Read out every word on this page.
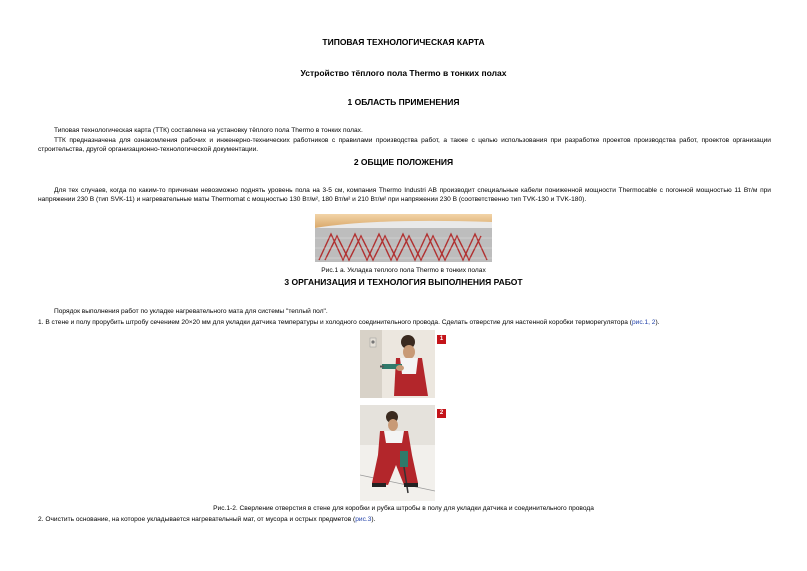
ТИПОВАЯ ТЕХНОЛОГИЧЕСКАЯ КАРТА
Устройство тёплого пола Thermo в тонких полах
1 ОБЛАСТЬ ПРИМЕНЕНИЯ
Типовая технологическая карта (ТТК) составлена на установку тёплого пола Thermo в тонких полах.
ТТК предназначена для ознакомления рабочих и инженерно-технических работников с правилами производства работ, а также с целью использования при разработке проектов производства работ, проектов организации строительства, другой организационно-технологической документации.
2 ОБЩИЕ ПОЛОЖЕНИЯ
Для тех случаев, когда по каким-то причинам невозможно поднять уровень пола на 3-5 см, компания Thermo Industri AB производит специальные кабели пониженной мощности Thermocable с погонной мощностью 11 Вт/м при напряжении 230 В (тип SVK-11) и нагревательные маты Thermomat с мощностью 130 Вт/м², 180 Вт/м² и 210 Вт/м² при напряжении 230 В (соответственно тип TVK-130 и TVK-180).
Рис.1 а. Укладка теплого пола Thermo в тонких полах
3 ОРГАНИЗАЦИЯ И ТЕХНОЛОГИЯ ВЫПОЛНЕНИЯ РАБОТ
Порядок выполнения работ по укладке нагревательного мата для системы "теплый пол".
1. В стене и полу прорубить штробу сечением 20×20 мм для укладки датчика температуры и холодного соединительного провода. Сделать отверстие для настенной коробки терморегулятора (рис.1, 2).
1
2
Рис.1-2. Сверление отверстия в стене для коробки и рубка штробы в полу для укладки датчика и соединительного провода
2. Очистить основание, на которое укладывается нагревательный мат, от мусора и острых предметов (рис.3).
